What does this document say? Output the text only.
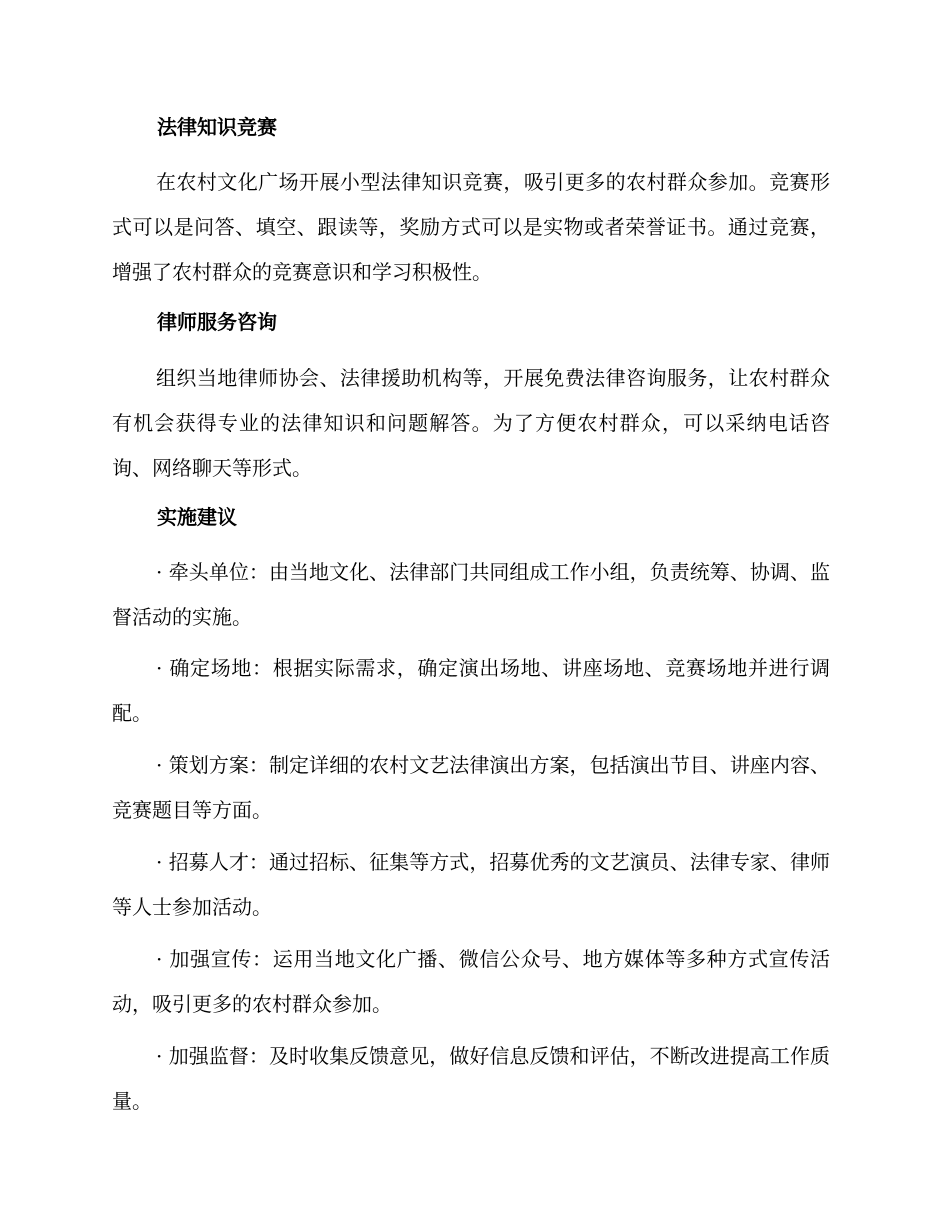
法律知识竞赛

在农村文化广场开展小型法律知识竞赛，吸引更多的农村群众参加。竞赛形式可以是问答、填空、跟读等，奖励方式可以是实物或者荣誉证书。通过竞赛，增强了农村群众的竞赛意识和学习积极性。

律师服务咨询

组织当地律师协会、法律援助机构等，开展免费法律咨询服务，让农村群众有机会获得专业的法律知识和问题解答。为了方便农村群众，可以采纳电话咨询、网络聊天等形式。

实施建议

· 牵头单位：由当地文化、法律部门共同组成工作小组，负责统筹、协调、监督活动的实施。

· 确定场地：根据实际需求，确定演出场地、讲座场地、竞赛场地并进行调配。

· 策划方案：制定详细的农村文艺法律演出方案，包括演出节目、讲座内容、竞赛题目等方面。

· 招募人才：通过招标、征集等方式，招募优秀的文艺演员、法律专家、律师等人士参加活动。

· 加强宣传：运用当地文化广播、微信公众号、地方媒体等多种方式宣传活动，吸引更多的农村群众参加。

· 加强监督：及时收集反馈意见，做好信息反馈和评估，不断改进提高工作质量。
